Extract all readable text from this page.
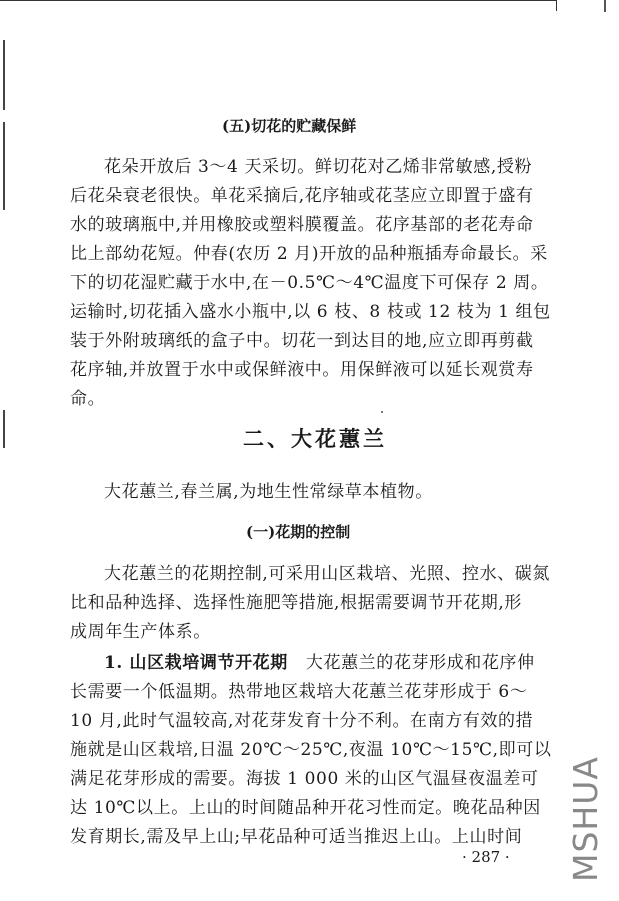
(五)切花的贮藏保鲜
花朵开放后 3～4 天采切。鲜切花对乙烯非常敏感,授粉
后花朵衰老很快。单花采摘后,花序轴或花茎应立即置于盛有
水的玻璃瓶中,并用橡胶或塑料膜覆盖。花序基部的老花寿命
比上部幼花短。仲春(农历 2 月)开放的品种瓶插寿命最长。采
下的切花湿贮藏于水中,在－0.5℃～4℃温度下可保存 2 周。
运输时,切花插入盛水小瓶中,以 6 枝、8 枝或 12 枝为 1 组包
装于外附玻璃纸的盒子中。切花一到达目的地,应立即再剪截
花序轴,并放置于水中或保鲜液中。用保鲜液可以延长观赏寿
命。
二、大花蕙兰
大花蕙兰,春兰属,为地生性常绿草本植物。
(一)花期的控制
大花蕙兰的花期控制,可采用山区栽培、光照、控水、碳氮
比和品种选择、选择性施肥等措施,根据需要调节开花期,形
成周年生产体系。
1. 山区栽培调节开花期 大花蕙兰的花芽形成和花序伸
长需要一个低温期。热带地区栽培大花蕙兰花芽形成于 6～
10 月,此时气温较高,对花芽发育十分不利。在南方有效的措
施就是山区栽培,日温 20℃～25℃,夜温 10℃～15℃,即可以
满足花芽形成的需要。海拔 1 000 米的山区气温昼夜温差可
达 10℃以上。上山的时间随品种开花习性而定。晚花品种因
发育期长,需及早上山;早花品种可适当推迟上山。上山时间
· 287 · MSHUA
